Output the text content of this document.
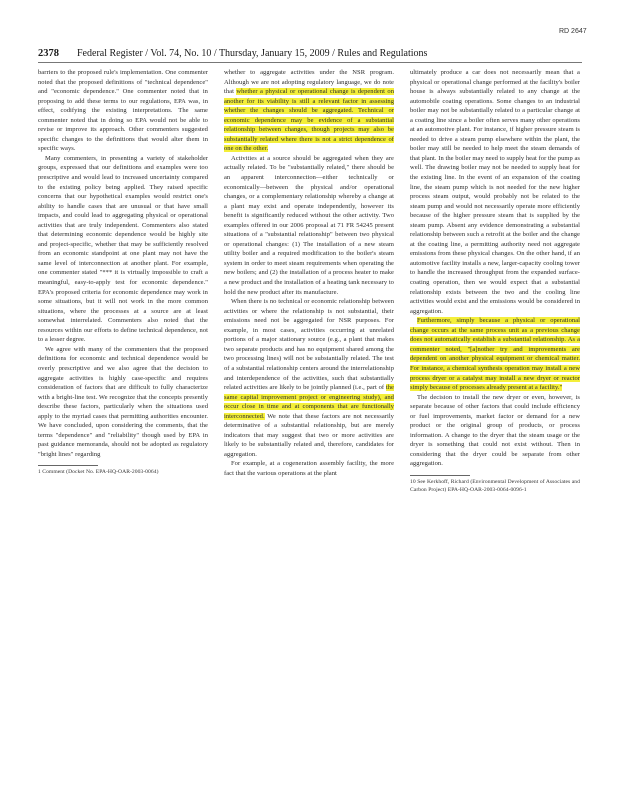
RD 2647
2378 Federal Register / Vol. 74, No. 10 / Thursday, January 15, 2009 / Rules and Regulations

barriers to the proposed rule's implementation. One commenter noted that the proposed definitions of "technical dependence" and "economic dependence." One commenter noted that in proposing to add these terms to our regulations, EPA was, in effect, codifying the existing interpretations. The same commenter noted that in doing so EPA would not be able to revise or improve its approach. Other commenters suggested specific changes to the definitions that would alter them in specific ways.

Many commenters, in presenting a variety of stakeholder groups, expressed that our definitions and examples were too prescriptive and would lead to increased uncertainty compared to the existing policy being applied. They raised specific concerns that our hypothetical examples would restrict one's ability to handle cases that are unusual or that have small impacts, and could lead to aggregating physical or operational activities that are truly independent. Commenters also stated that determining economic dependence would be highly site and project-specific, whether that may be sufficiently resolved from an economic standpoint at one plant may not have the same level of interconnection at another plant. For example, one commenter stated "*** it is virtually impossible to craft a meaningful, easy-to-apply test for economic dependence." EPA's proposed criteria for economic dependence may work in some situations, but it will not work in the more common situations, where the processes at a source are at least somewhat interrelated. Commenters also noted that the resources within our efforts to define technical dependence, not to a lesser degree.

We agree with many of the commenters that the proposed definitions for economic and technical dependence would be overly prescriptive and we also agree that the decision to aggregate activities is highly case-specific and requires consideration of factors that are difficult to fully characterize with a bright-line test. We recognize that the concepts presently describe these factors, particularly when the situations used apply to the myriad cases that permitting authorities encounter. We have concluded, upon considering the comments, that the terms "dependence" and "reliability" though used by EPA in past guidance memoranda, should not be adopted as regulatory "bright lines" regarding

1 Comment (Docket No. EPA-HQ-OAR-2003-0064)

whether to aggregate activities under the NSR program. Although we are not adopting regulatory language, we do note that whether a physical or operational change is dependent on another for its viability is still a relevant factor in assessing whether the changes should be aggregated. Technical or economic dependence may be evidence of a substantial relationship between changes, though projects may also be substantially related where there is not a strict dependence of one on the other.

Activities at a source should be aggregated when they are actually related. To be "substantially related," there should be an apparent interconnection—either technically or economically—between the physical and/or operational changes, or a complementary relationship whereby a change at a plant may exist and operate independently, however its benefit is significantly reduced without the other activity. Two examples offered in our 2006 proposal at 71 FR 54245 present situations of a "substantial relationship" between two physical or operational changes: (1) The installation of a new steam utility boiler and a required modification to the boiler's steam system in order to meet steam requirements when operating the new boilers; and (2) the installation of a process heater to make a new product and the installation of a heating tank necessary to hold the new product after its manufacture.

When there is no technical or economic relationship between activities or where the relationship is not substantial, their emissions need not be aggregated for NSR purposes. For example, in most cases, activities occurring at unrelated portions of a major stationary source (e.g., a plant that makes two separate products and has no equipment shared among the two processing lines) will not be substantially related. The test of a substantial relationship centers around the interrelationship and interdependence of the activities, such that substantially related activities are likely to be jointly planned (i.e., part of the same capital improvement project or engineering study), and occur close in time and at components that are functionally interconnected. We note that these factors are not necessarily determinative of a substantial relationship, but are merely indicators that may suggest that two or more activities are likely to be substantially related and, therefore, candidates for aggregation.

For example, at a cogeneration assembly facility, the more fact that the various operations at the plant

ultimately produce a car does not necessarily mean that a physical or operational change performed at the facility's boiler house is always substantially related to any change at the automobile coating operations. Some changes to an industrial boiler may not be substantially related to a particular change at a coating line since a boiler often serves many other operations at an automotive plant. For instance, if higher pressure steam is needed to drive a steam pump elsewhere within the plant, the boiler may still be needed to help meet the steam demands of that plant. In the boiler may need to supply heat for the pump as well. The drawing boiler may not be needed to supply heat for the existing line. In the event of an expansion of the coating line, the steam pump which is not needed for the new higher process steam output, would probably not be related to the steam pump and would not necessarily operate more efficiently because of the higher pressure steam that is supplied by the steam pump. Absent any evidence demonstrating a substantial relationship between such a retrofit at the boiler and the change at the coating line, a permitting authority need not aggregate emissions from these physical changes. On the other hand, if an automotive facility installs a new, larger-capacity cooling tower to handle the increased throughput from the expanded surface-coating operation, then we would expect that a substantial relationship exists between the two and the cooling line activities would exist and the emissions would be considered in aggregation.

Furthermore, simply because a physical or operational change occurs at the same process unit as a previous change does not automatically establish a substantial relationship. As a commenter noted, "[a]nother try and improvements are dependent on another physical equipment or chemical matter. For instance, a chemical synthesis operation may install a new process dryer or a catalyst may install a new dryer or reactor simply because of processes already present at a facility."

The decision to install the new dryer or even, however, is separate because of other factors that could include efficiency or fuel improvements, market factor or demand for a new product or the original group of products, or process information. A change to the dryer that the steam usage or the dryer is something that could not exist without. Then in considering that the dryer could be separate from other aggregation.

10 See Kerkhoff, Richard (Environmental Development of Associates and Carbon Project) EPA-HQ-OAR-2003-0064-0096-1
